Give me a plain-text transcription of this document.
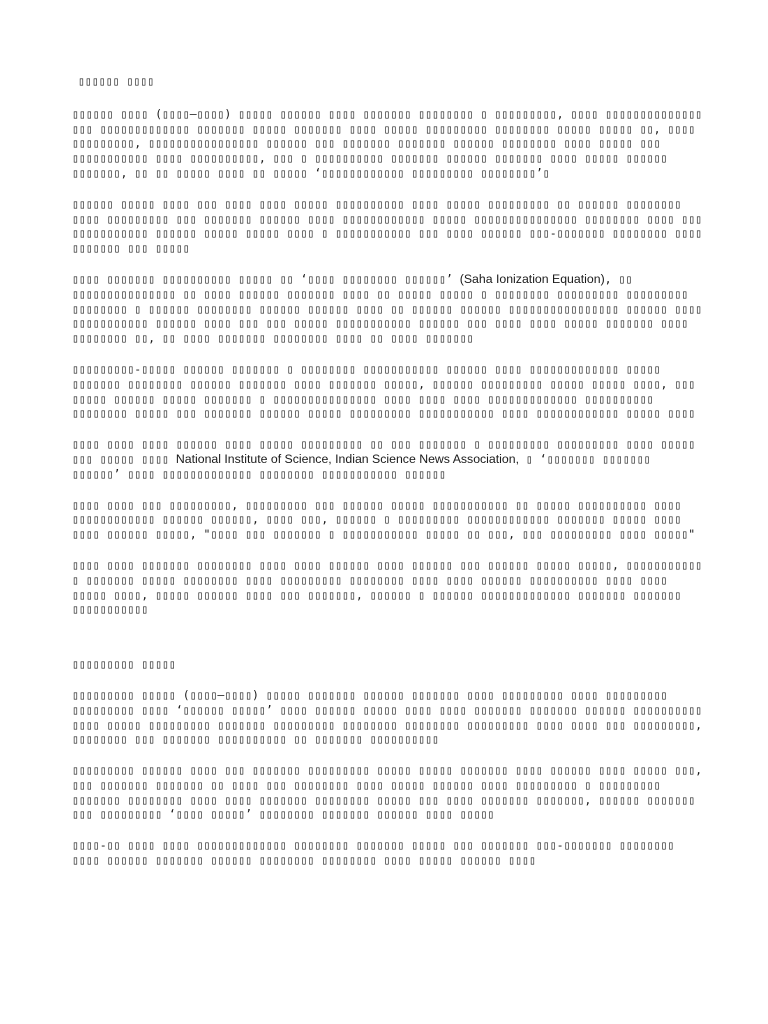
▯▯▯▯▯▯ ▯▯▯▯

▯▯▯▯▯▯ ▯▯▯▯ (▯▯▯▯–▯▯▯▯) ▯▯▯▯▯ ▯▯▯▯▯▯ ▯▯▯▯ ▯▯▯▯▯▯▯ ▯▯▯▯▯▯▯▯ ▯ ▯▯▯▯▯▯▯▯▯, ▯▯▯▯ ▯▯▯▯▯▯▯▯▯▯▯▯▯▯ ▯▯▯ ▯▯▯▯▯▯▯▯▯▯▯▯▯ ▯▯▯▯▯▯▯ ▯▯▯▯▯ ▯▯▯▯▯▯▯ ▯▯▯▯ ▯▯▯▯▯ ▯▯▯▯▯▯▯▯▯ ▯▯▯▯▯▯▯▯ ▯▯▯▯▯ ▯▯▯▯▯ ▯▯, ▯▯▯▯ ▯▯▯▯▯▯▯▯▯, ▯▯▯▯▯▯▯▯▯▯▯▯▯▯▯▯ ▯▯▯▯▯▯ ▯▯▯ ▯▯▯▯▯▯▯ ▯▯▯▯▯▯▯ ▯▯▯▯▯▯ ▯▯▯▯▯▯▯▯ ▯▯▯▯ ▯▯▯▯▯ ▯▯▯ ▯▯▯▯▯▯▯▯▯▯▯ ▯▯▯▯ ▯▯▯▯▯▯▯▯▯▯, ▯▯▯ ▯ ▯▯▯▯▯▯▯▯▯▯ ▯▯▯▯▯▯▯ ▯▯▯▯▯▯ ▯▯▯▯▯▯▯ ▯▯▯▯ ▯▯▯▯▯ ▯▯▯▯▯▯ ▯▯▯▯▯▯▯, ▯▯ ▯▯ ▯▯▯▯▯ ▯▯▯▯ ▯▯ ▯▯▯▯▯ ‘▯▯▯▯▯▯▯▯▯▯▯▯ ▯▯▯▯▯▯▯▯▯ ▯▯▯▯▯▯▯▯’▯

▯▯▯▯▯▯ ▯▯▯▯▯ ▯▯▯▯ ▯▯▯ ▯▯▯▯ ▯▯▯▯ ▯▯▯▯▯ ▯▯▯▯▯▯▯▯▯▯ ▯▯▯▯ ▯▯▯▯▯ ▯▯▯▯▯▯▯▯▯ ▯▯ ▯▯▯▯▯▯ ▯▯▯▯▯▯▯▯ ▯▯▯▯ ▯▯▯▯▯▯▯▯▯ ▯▯▯ ▯▯▯▯▯▯▯ ▯▯▯▯▯▯ ▯▯▯▯ ▯▯▯▯▯▯▯▯▯▯▯▯ ▯▯▯▯▯ ▯▯▯▯▯▯▯▯▯▯▯▯▯▯▯ ▯▯▯▯▯▯▯▯ ▯▯▯▯ ▯▯▯ ▯▯▯▯▯▯▯▯▯▯▯ ▯▯▯▯▯▯ ▯▯▯▯▯ ▯▯▯▯▯ ▯▯▯▯ ▯ ▯▯▯▯▯▯▯▯▯▯▯ ▯▯▯ ▯▯▯▯ ▯▯▯▯▯▯ ▯▯▯-▯▯▯▯▯▯▯ ▯▯▯▯▯▯▯▯ ▯▯▯▯ ▯▯▯▯▯▯▯ ▯▯▯ ▯▯▯▯▯

▯▯▯▯ ▯▯▯▯▯▯▯ ▯▯▯▯▯▯▯▯▯▯ ▯▯▯▯▯ ▯▯ ‘▯▯▯▯ ▯▯▯▯▯▯▯▯ ▯▯▯▯▯▯’ (Saha Ionization Equation), ▯▯ ▯▯▯▯▯▯▯▯▯▯▯▯▯▯▯ ▯▯ ▯▯▯▯ ▯▯▯▯▯▯ ▯▯▯▯▯▯▯ ▯▯▯▯ ▯▯ ▯▯▯▯▯ ▯▯▯▯▯ ▯ ▯▯▯▯▯▯▯▯ ▯▯▯▯▯▯▯▯▯ ▯▯▯▯▯▯▯▯▯ ▯▯▯▯▯▯▯▯ ▯ ▯▯▯▯▯▯ ▯▯▯▯▯▯▯▯ ▯▯▯▯▯▯ ▯▯▯▯▯▯ ▯▯▯▯ ▯▯ ▯▯▯▯▯▯ ▯▯▯▯▯▯ ▯▯▯▯▯▯▯▯▯▯▯▯▯▯▯▯ ▯▯▯▯▯▯ ▯▯▯▯ ▯▯▯▯▯▯▯▯▯▯▯ ▯▯▯▯▯▯ ▯▯▯▯ ▯▯▯ ▯▯▯ ▯▯▯▯▯ ▯▯▯▯▯▯▯▯▯▯▯ ▯▯▯▯▯▯ ▯▯▯ ▯▯▯▯ ▯▯▯▯ ▯▯▯▯▯ ▯▯▯▯▯▯▯ ▯▯▯▯ ▯▯▯▯▯▯▯▯ ▯▯, ▯▯ ▯▯▯▯ ▯▯▯▯▯▯▯ ▯▯▯▯▯▯▯▯ ▯▯▯▯ ▯▯ ▯▯▯▯ ▯▯▯▯▯▯▯

▯▯▯▯▯▯▯▯▯-▯▯▯▯▯ ▯▯▯▯▯▯ ▯▯▯▯▯▯▯ ▯ ▯▯▯▯▯▯▯▯ ▯▯▯▯▯▯▯▯▯▯▯ ▯▯▯▯▯▯ ▯▯▯▯ ▯▯▯▯▯▯▯▯▯▯▯▯▯ ▯▯▯▯▯ ▯▯▯▯▯▯▯ ▯▯▯▯▯▯▯▯ ▯▯▯▯▯▯ ▯▯▯▯▯▯▯ ▯▯▯▯ ▯▯▯▯▯▯▯ ▯▯▯▯▯, ▯▯▯▯▯▯ ▯▯▯▯▯▯▯▯▯ ▯▯▯▯▯ ▯▯▯▯▯ ▯▯▯▯, ▯▯▯ ▯▯▯▯▯ ▯▯▯▯▯▯ ▯▯▯▯▯ ▯▯▯▯▯▯▯ ▯ ▯▯▯▯▯▯▯▯▯▯▯▯▯▯▯ ▯▯▯▯ ▯▯▯▯ ▯▯▯▯ ▯▯▯▯▯▯▯▯▯▯▯▯▯ ▯▯▯▯▯▯▯▯▯▯ ▯▯▯▯▯▯▯▯ ▯▯▯▯▯ ▯▯▯ ▯▯▯▯▯▯▯ ▯▯▯▯▯▯ ▯▯▯▯▯ ▯▯▯▯▯▯▯▯▯ ▯▯▯▯▯▯▯▯▯▯▯ ▯▯▯▯ ▯▯▯▯▯▯▯▯▯▯▯▯ ▯▯▯▯▯ ▯▯▯▯

▯▯▯▯ ▯▯▯▯ ▯▯▯▯ ▯▯▯▯▯▯ ▯▯▯▯ ▯▯▯▯▯ ▯▯▯▯▯▯▯▯▯ ▯▯ ▯▯▯ ▯▯▯▯▯▯▯ ▯ ▯▯▯▯▯▯▯▯▯ ▯▯▯▯▯▯▯▯▯ ▯▯▯▯ ▯▯▯▯▯ ▯▯▯ ▯▯▯▯▯ ▯▯▯▯ National Institute of Science, Indian Science News Association, ▯ ‘▯▯▯▯▯▯▯ ▯▯▯▯▯▯▯ ▯▯▯▯▯▯’ ▯▯▯▯ ▯▯▯▯▯▯▯▯▯▯▯▯▯ ▯▯▯▯▯▯▯▯ ▯▯▯▯▯▯▯▯▯▯▯ ▯▯▯▯▯▯

▯▯▯▯ ▯▯▯▯ ▯▯▯ ▯▯▯▯▯▯▯▯▯, ▯▯▯▯▯▯▯▯▯ ▯▯▯ ▯▯▯▯▯▯ ▯▯▯▯▯ ▯▯▯▯▯▯▯▯▯▯▯ ▯▯ ▯▯▯▯▯ ▯▯▯▯▯▯▯▯▯▯ ▯▯▯▯ ▯▯▯▯▯▯▯▯▯▯▯▯ ▯▯▯▯▯▯ ▯▯▯▯▯▯, ▯▯▯▯ ▯▯▯, ▯▯▯▯▯▯ ▯ ▯▯▯▯▯▯▯▯▯ ▯▯▯▯▯▯▯▯▯▯▯▯ ▯▯▯▯▯▯▯ ▯▯▯▯▯ ▯▯▯▯ ▯▯▯▯ ▯▯▯▯▯▯ ▯▯▯▯▯, "▯▯▯▯ ▯▯▯ ▯▯▯▯▯▯▯ ▯ ▯▯▯▯▯▯▯▯▯▯▯ ▯▯▯▯▯ ▯▯ ▯▯▯, ▯▯▯ ▯▯▯▯▯▯▯▯▯ ▯▯▯▯ ▯▯▯▯▯"

▯▯▯▯ ▯▯▯▯ ▯▯▯▯▯▯▯ ▯▯▯▯▯▯▯▯ ▯▯▯▯ ▯▯▯▯ ▯▯▯▯▯▯ ▯▯▯▯ ▯▯▯▯▯▯ ▯▯▯ ▯▯▯▯▯▯ ▯▯▯▯▯ ▯▯▯▯▯, ▯▯▯▯▯▯▯▯▯▯▯ ▯ ▯▯▯▯▯▯▯ ▯▯▯▯▯ ▯▯▯▯▯▯▯▯ ▯▯▯▯ ▯▯▯▯▯▯▯▯▯ ▯▯▯▯▯▯▯▯ ▯▯▯▯ ▯▯▯▯ ▯▯▯▯▯▯ ▯▯▯▯▯▯▯▯▯▯ ▯▯▯▯ ▯▯▯▯ ▯▯▯▯▯ ▯▯▯▯, ▯▯▯▯▯ ▯▯▯▯▯▯ ▯▯▯▯ ▯▯▯ ▯▯▯▯▯▯▯, ▯▯▯▯▯▯ ▯ ▯▯▯▯▯▯ ▯▯▯▯▯▯▯▯▯▯▯▯▯ ▯▯▯▯▯▯▯ ▯▯▯▯▯▯▯ ▯▯▯▯▯▯▯▯▯▯▯

▯▯▯▯▯▯▯▯▯ ▯▯▯▯▯

▯▯▯▯▯▯▯▯▯ ▯▯▯▯▯ (▯▯▯▯–▯▯▯▯) ▯▯▯▯▯ ▯▯▯▯▯▯▯ ▯▯▯▯▯▯ ▯▯▯▯▯▯▯ ▯▯▯▯ ▯▯▯▯▯▯▯▯▯ ▯▯▯▯ ▯▯▯▯▯▯▯▯▯ ▯▯▯▯▯▯▯▯▯ ▯▯▯▯ ‘▯▯▯▯▯▯ ▯▯▯▯▯’ ▯▯▯▯ ▯▯▯▯▯▯ ▯▯▯▯▯ ▯▯▯▯ ▯▯▯▯ ▯▯▯▯▯▯▯ ▯▯▯▯▯▯▯ ▯▯▯▯▯▯ ▯▯▯▯▯▯▯▯▯▯ ▯▯▯▯ ▯▯▯▯▯ ▯▯▯▯▯▯▯▯▯ ▯▯▯▯▯▯▯ ▯▯▯▯▯▯▯▯▯ ▯▯▯▯▯▯▯▯ ▯▯▯▯▯▯▯▯ ▯▯▯▯▯▯▯▯▯ ▯▯▯▯ ▯▯▯▯ ▯▯▯ ▯▯▯▯▯▯▯▯▯, ▯▯▯▯▯▯▯▯ ▯▯▯ ▯▯▯▯▯▯▯ ▯▯▯▯▯▯▯▯▯▯ ▯▯ ▯▯▯▯▯▯▯ ▯▯▯▯▯▯▯▯▯▯

▯▯▯▯▯▯▯▯▯ ▯▯▯▯▯▯ ▯▯▯▯ ▯▯▯ ▯▯▯▯▯▯▯ ▯▯▯▯▯▯▯▯▯ ▯▯▯▯▯ ▯▯▯▯▯ ▯▯▯▯▯▯▯ ▯▯▯▯ ▯▯▯▯▯▯ ▯▯▯▯ ▯▯▯▯▯ ▯▯▯, ▯▯▯ ▯▯▯▯▯▯▯ ▯▯▯▯▯▯▯ ▯▯ ▯▯▯▯ ▯▯▯ ▯▯▯▯▯▯▯▯ ▯▯▯▯ ▯▯▯▯▯ ▯▯▯▯▯▯ ▯▯▯▯ ▯▯▯▯▯▯▯▯▯ ▯ ▯▯▯▯▯▯▯▯▯ ▯▯▯▯▯▯▯ ▯▯▯▯▯▯▯▯ ▯▯▯▯ ▯▯▯▯ ▯▯▯▯▯▯▯ ▯▯▯▯▯▯▯▯ ▯▯▯▯▯ ▯▯▯ ▯▯▯▯ ▯▯▯▯▯▯▯ ▯▯▯▯▯▯▯, ▯▯▯▯▯▯ ▯▯▯▯▯▯▯ ▯▯▯ ▯▯▯▯▯▯▯▯▯ ‘▯▯▯▯ ▯▯▯▯▯’ ▯▯▯▯▯▯▯▯ ▯▯▯▯▯▯▯ ▯▯▯▯▯▯ ▯▯▯▯ ▯▯▯▯▯

▯▯▯▯-▯▯ ▯▯▯▯ ▯▯▯▯ ▯▯▯▯▯▯▯▯▯▯▯▯▯ ▯▯▯▯▯▯▯▯ ▯▯▯▯▯▯▯ ▯▯▯▯▯ ▯▯▯ ▯▯▯▯▯▯▯ ▯▯▯-▯▯▯▯▯▯▯ ▯▯▯▯▯▯▯▯ ▯▯▯▯ ▯▯▯▯▯▯ ▯▯▯▯▯▯▯ ▯▯▯▯▯▯ ▯▯▯▯▯▯▯▯ ▯▯▯▯▯▯▯▯ ▯▯▯▯ ▯▯▯▯▯ ▯▯▯▯▯▯ ▯▯▯▯
